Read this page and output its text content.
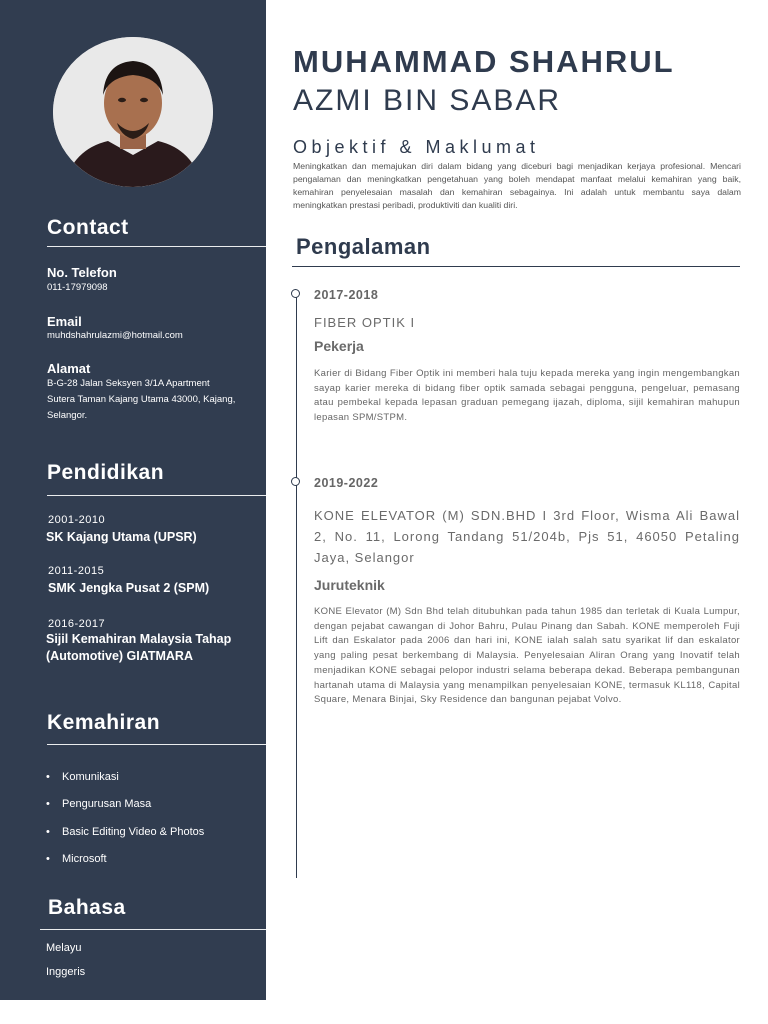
Contact
No. Telefon
011-17979098
Email
muhdshahrulazmi@hotmail.com
Alamat
B-G-28 Jalan Seksyen 3/1A Apartment Sutera Taman Kajang Utama 43000, Kajang, Selangor.
Pendidikan
2001-2010
SK Kajang Utama (UPSR)
2011-2015
SMK Jengka Pusat 2 (SPM)
2016-2017
Sijil Kemahiran Malaysia Tahap (Automotive) GIATMARA
Kemahiran
• Komunikasi
• Pengurusan Masa
• Basic Editing Video & Photos
• Microsoft
Bahasa
Melayu
Inggeris
MUHAMMAD SHAHRUL
AZMI BIN SABAR
Objektif & Maklumat
Meningkatkan dan memajukan diri dalam bidang yang diceburi bagi menjadikan kerjaya profesional. Mencari pengalaman dan meningkatkan pengetahuan yang boleh mendapat manfaat melalui kemahiran yang baik, kemahiran penyelesaian masalah dan kemahiran sebagainya. Ini adalah untuk membantu saya dalam meningkatkan prestasi peribadi, produktiviti dan kualiti diri.
Pengalaman
2017-2018
FIBER OPTIK I
Pekerja
Karier di Bidang Fiber Optik ini memberi hala tuju kepada mereka yang ingin mengembangkan sayap karier mereka di bidang fiber optik samada sebagai pengguna, pengeluar, pemasang atau pembekal kepada lepasan graduan pemegang ijazah, diploma, sijil kemahiran mahupun lepasan SPM/STPM.
2019-2022
KONE ELEVATOR (M) SDN.BHD I 3rd Floor, Wisma Ali Bawal 2, No. 11, Lorong Tandang 51/204b, Pjs 51, 46050 Petaling Jaya, Selangor
Juruteknik
KONE Elevator (M) Sdn Bhd telah ditubuhkan pada tahun 1985 dan terletak di Kuala Lumpur, dengan pejabat cawangan di Johor Bahru, Pulau Pinang dan Sabah. KONE memperoleh Fuji Lift dan Eskalator pada 2006 dan hari ini, KONE ialah salah satu syarikat lif dan eskalator yang paling pesat berkembang di Malaysia. Penyelesaian Aliran Orang yang Inovatif telah menjadikan KONE sebagai pelopor industri selama beberapa dekad. Beberapa pembangunan hartanah utama di Malaysia yang menampilkan penyelesaian KONE, termasuk KL118, Capital Square, Menara Binjai, Sky Residence dan bangunan pejabat Volvo.
